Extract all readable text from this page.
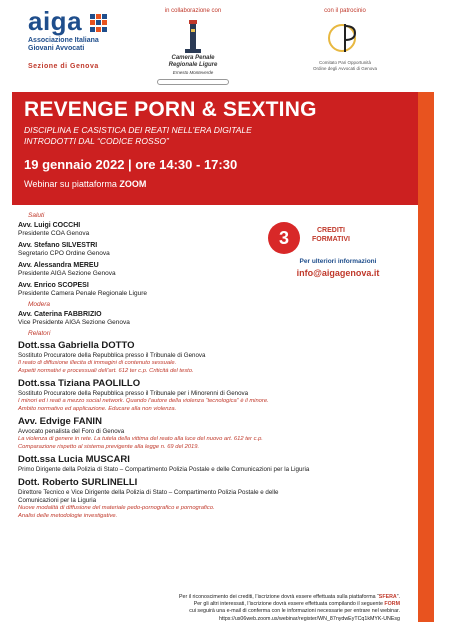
aiga
Associazione Italiana
Giovani Avvocati
Sezione di Genova
in collaborazione con
Camera Penale
Regionale Ligure
Ernesto Monteverde
con il patrocinio
Comitato Pari Opportunità
Ordine degli Avvocati di Genova
REVENGE PORN & SEXTING
DISCIPLINA E CASISTICA DEI REATI NELL’ERA DIGITALE
INTRODOTTI DAL “CODICE ROSSO”
19 gennaio 2022 | ore 14:30 - 17:30
Webinar su piattaforma ZOOM
3	CREDITI
FORMATIVI
Per ulteriori informazioni
info@aigagenova.it
Saluti
Avv. Luigi COCCHI
Presidente COA Genova
Avv. Stefano SILVESTRI
Segretario CPO Ordine Genova
Avv. Alessandra MEREU
Presidente AIGA Sezione Genova
Avv. Enrico SCOPESI
Presidente Camera Penale Regionale Ligure
Modera
Avv. Caterina FABBRIZIO
Vice Presidente AIGA Sezione Genova
Relatori
Dott.ssa Gabriella DOTTO
Sostituto Procuratore della Repubblica presso il Tribunale di Genova
Il reato di diffusione illecita di immagini di contenuto sessuale.
Aspetti normativi e processuali dell’art. 612 ter c.p. Criticità del testo.
Dott.ssa Tiziana PAOLILLO
Sostituto Procuratore della Repubblica presso il Tribunale per i Minorenni di Genova
I minori ed i reati a mezzo social network. Quando l’autore della violenza “tecnologica” è il minore.
Ambito normativo ed applicazione. Educare alla non violenza.
Avv. Edvige FANIN
Avvocato penalista del Foro di Genova
La violenza di genere in rete. La tutela della vittima del reato alla luce del nuovo art. 612 ter c.p.
Comparazione rispetto al sistema previgente alla legge n. 69 del 2019.
Dott.ssa Lucia MUSCARI
Primo Dirigente della Polizia di Stato – Compartimento Polizia Postale e delle Comunicazioni per la Liguria
Dott. Roberto SURLINELLI
Direttore Tecnico e Vice Dirigente della Polizia di Stato – Compartimento Polizia Postale e delle
Comunicazioni per la Liguria
Nuove modalità di diffusione del materiale pedo-pornografico e pornografico.
Analisi delle metodologie investigative.
Per il riconoscimento dei crediti, l’iscrizione dovrà essere effettuata sulla piattaforma “SFERA”.
Per gli altri interessati, l’iscrizione dovrà essere effettuata compilando il seguente FORM
cui seguirà una e-mail di conferma con le informazioni necessarie per entrare nel webinar.
https://us06web.zoom.us/webinar/register/WN_87nydwEyTCq1kMYK-UNEsg
